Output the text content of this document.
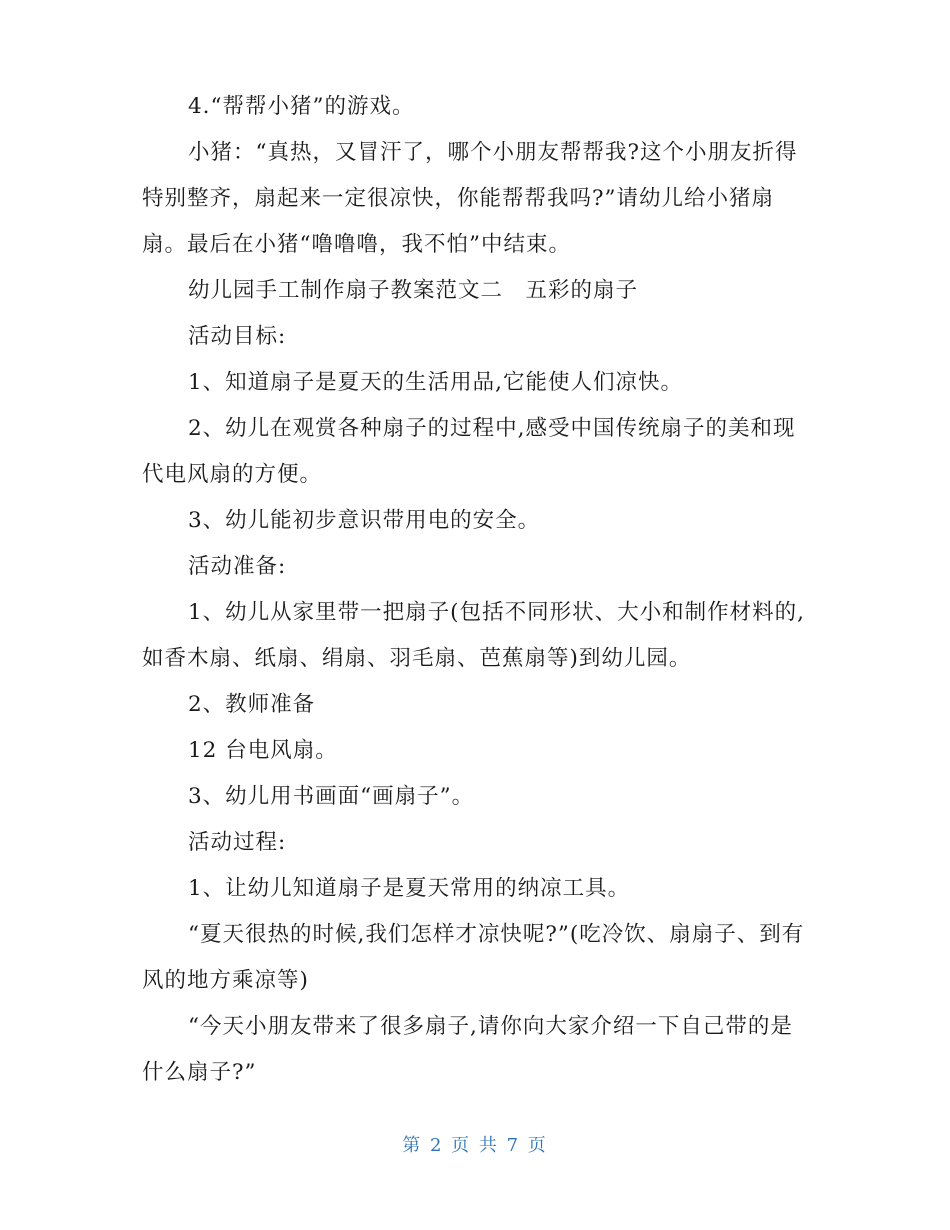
4.“帮帮小猪”的游戏。

小猪：“真热，又冒汗了，哪个小朋友帮帮我?这个小朋友折得特别整齐，扇起来一定很凉快，你能帮帮我吗?”请幼儿给小猪扇扇。最后在小猪“噜噜噜，我不怕”中结束。

幼儿园手工制作扇子教案范文二　五彩的扇子

活动目标:

1、知道扇子是夏天的生活用品,它能使人们凉快。

2、幼儿在观赏各种扇子的过程中,感受中国传统扇子的美和现代电风扇的方便。

3、幼儿能初步意识带用电的安全。

活动准备:

1、幼儿从家里带一把扇子(包括不同形状、大小和制作材料的,如香木扇、纸扇、绢扇、羽毛扇、芭蕉扇等)到幼儿园。

2、教师准备

12 台电风扇。

3、幼儿用书画面“画扇子”。

活动过程:

1、让幼儿知道扇子是夏天常用的纳凉工具。

“夏天很热的时候,我们怎样才凉快呢?”(吃冷饮、扇扇子、到有风的地方乘凉等)

“今天小朋友带来了很多扇子,请你向大家介绍一下自己带的是什么扇子?”

第 2 页 共 7 页
